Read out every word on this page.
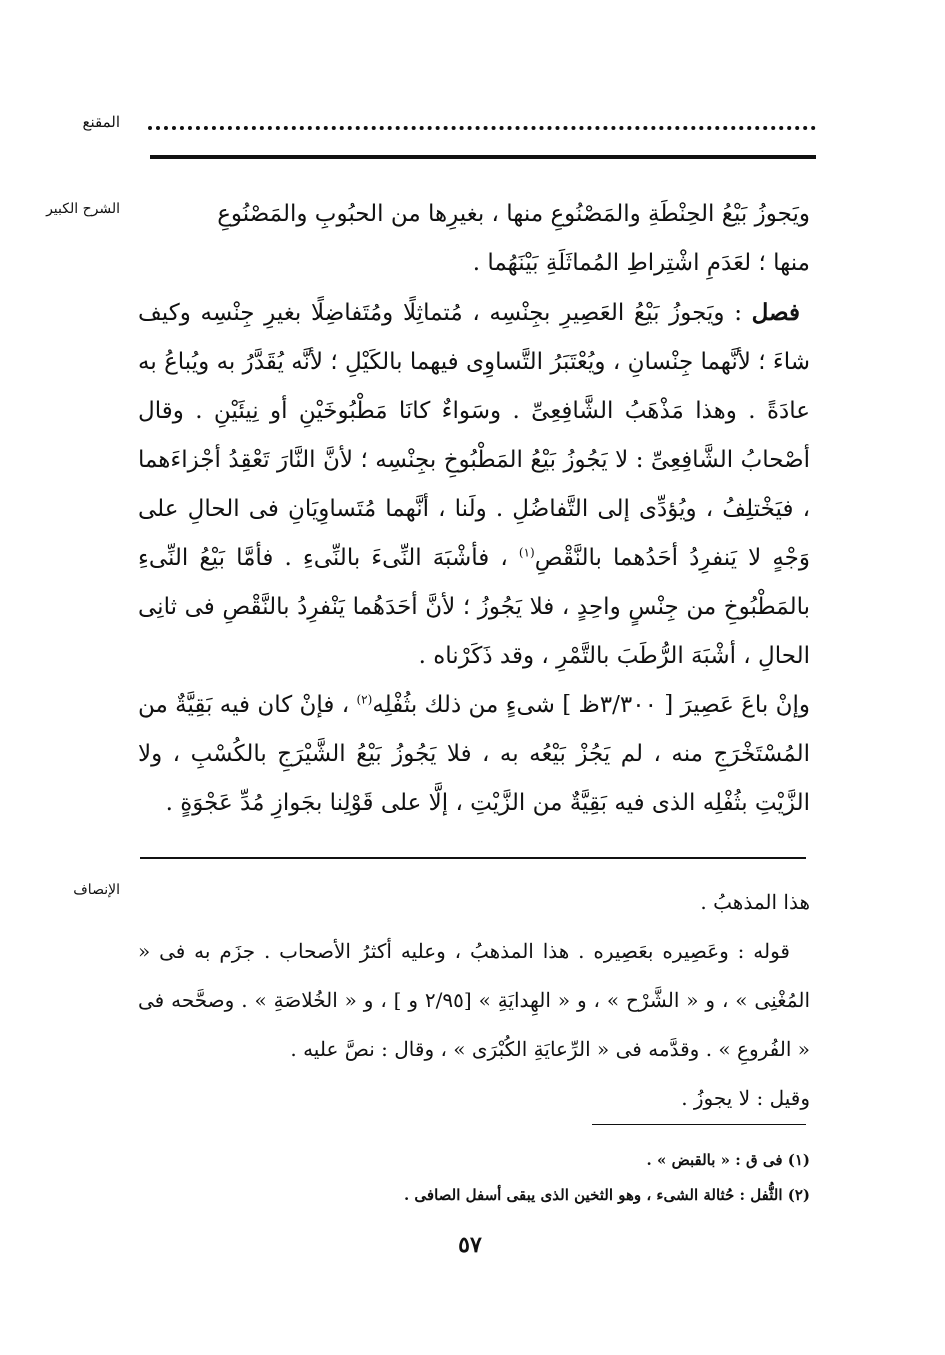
المقنع
الشرح الكبير	ويَجوزُ بَيْعُ الحِنْطَةِ والمَصْنُوعِ منها ، بغيرِها من الحبُوبِ والمَصْنُوعِ
منها ؛ لعَدَمِ اشْتِراطِ المُماثَلَةِ بَيْنَهُما .

فصل : ويَجوزُ بَيْعُ العَصِيرِ بجِنْسِه ، مُتماثِلًا ومُتَفاضِلًا بغيرِ جِنْسِه وكيف شاءَ ؛ لأنَّهما جِنْسانِ ، ويُعْتَبَرُ التَّساوِى فيهما بالكَيْلِ ؛ لأنَّه يُقَدَّرُ به ويُباعُ به عادَةً . وهذا مَذْهَبُ الشَّافِعِىِّ . وسَواءٌ كانَا مَطْبُوخَيْنِ أو نِيئَيْنِ . وقال أصْحابُ الشَّافِعِىِّ : لا يَجُوزُ بَيْعُ المَطْبُوخِ بجِنْسِه ؛ لأنَّ النَّارَ تَعْقِدُ أجْزاءَهما ، فيَخْتلِفُ ، ويُؤدِّى إلى التَّفاضُلِ . ولَنا ، أنَّهما مُتَساوِيَانِ فى الحالِ على وَجْهٍ لا يَنفرِدُ أحَدُهما بالنَّقْصِ$^{(١)}$ ، فأشْبَهَ النِّىءَ بالنِّىءِ . فأمَّا بَيْعُ النِّىءِ بالمَطْبُوخِ من جِنْسٍ واحِدٍ ، فلا يَجُوزُ ؛ لأنَّ أحَدَهُما يَنْفرِدُ بالنَّقْصِ فى ثانِى الحالِ ، أشْبَهَ الرُّطَبَ بالتَّمْرِ ، وقد ذَكَرْناه .

وإنْ باعَ عَصِيرَ [ ٣/٣٠٠ظ ] شىءٍ من ذلك بثُفْلِه$^{(٢)}$ ، فإنْ كان فيه بَقِيَّةٌ من المُسْتَخْرَجِ منه ، لم يَجُزْ بَيْعُه به ، فلا يَجُوزُ بَيْعُ الشَّيْرَجِ بالكُسْبِ ، ولا الزَّيْتِ بثُفْلِه الذى فيه بَقِيَّةٌ من الزَّيْتِ ، إلَّا على قَوْلِنا بجَوازِ مُدِّ عَجْوَةٍ .

الإنصاف	هذا المذهبُ .

قوله : وعَصِيره بعَصِيره . هذا المذهبُ ، وعليه أكثرُ الأصحاب . جزَم به فى « المُغْنِى » ، و « الشَّرْح » ، و « الهِدايَةِ » [٢/٩٥ و ] ، و « الخُلاصَةِ » . وصحَّحه فى « الفُروعِ » . وقدَّمه فى « الرِّعايَةِ الكُبْرَى » ، وقال : نصَّ عليه .

وقيل : لا يجوزُ .

(١) فى ق : « بالقبض » .
(٢) الثُّفل : حُثالة الشىء ، وهو الثخين الذى يبقى أسفل الصافى .
٥٧
